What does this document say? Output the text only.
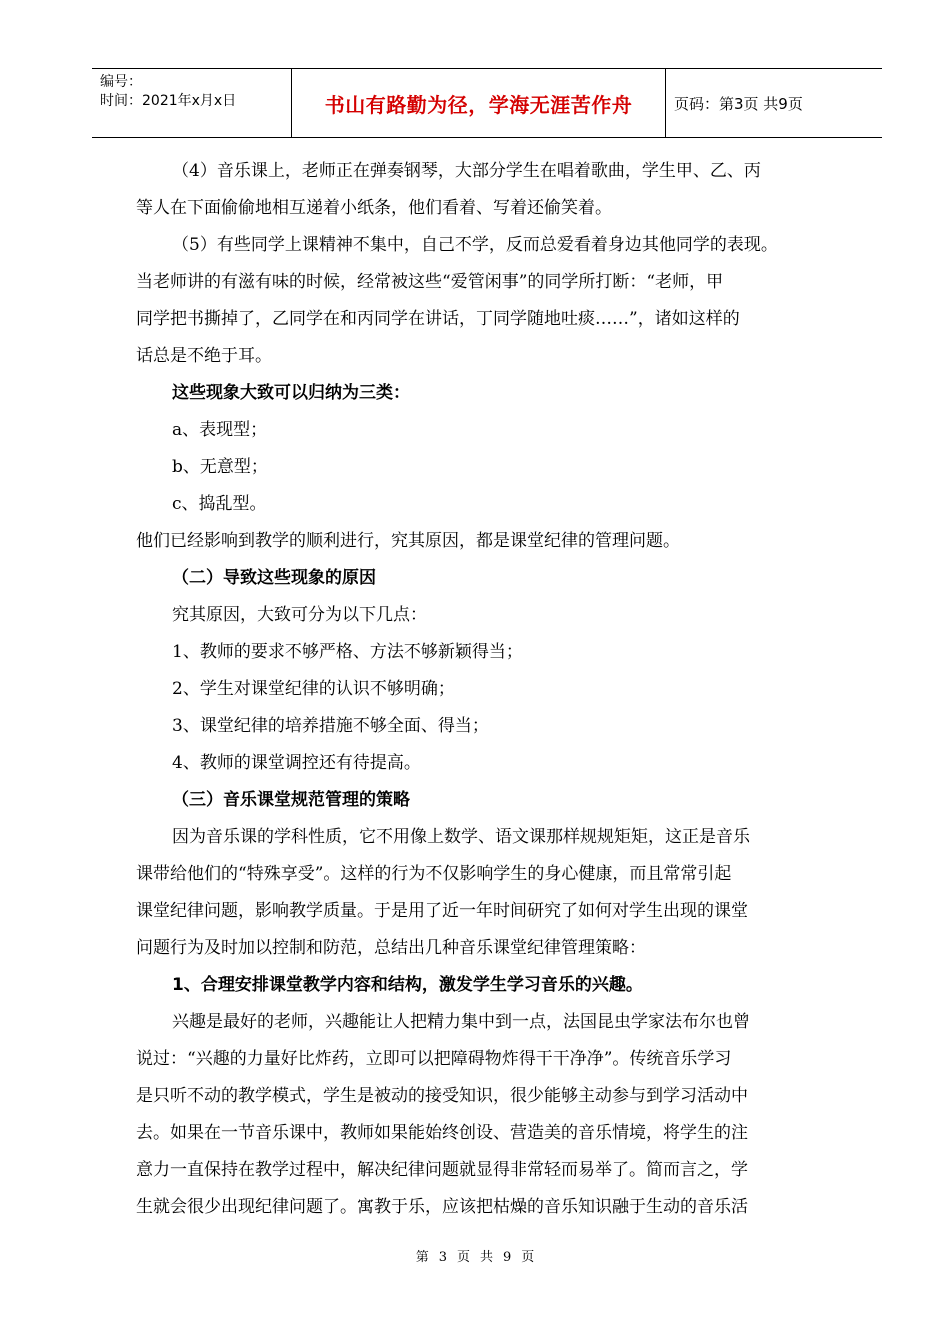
编号：
时间：2021年x月x日	书山有路勤为径，学海无涯苦作舟	页码：第3页 共9页

（4）音乐课上，老师正在弹奏钢琴，大部分学生在唱着歌曲，学生甲、乙、丙

等人在下面偷偷地相互递着小纸条，他们看着、写着还偷笑着。

（5）有些同学上课精神不集中，自己不学，反而总爱看着身边其他同学的表现。

当老师讲的有滋有味的时候，经常被这些“爱管闲事”的同学所打断：“老师，甲

同学把书撕掉了，乙同学在和丙同学在讲话，丁同学随地吐痰……”，诸如这样的

话总是不绝于耳。

这些现象大致可以归纳为三类：

a、表现型；

b、无意型；

c、捣乱型。

他们已经影响到教学的顺利进行，究其原因，都是课堂纪律的管理问题。

（二）导致这些现象的原因

究其原因，大致可分为以下几点：

1、教师的要求不够严格、方法不够新颖得当；

2、学生对课堂纪律的认识不够明确；

3、课堂纪律的培养措施不够全面、得当；

4、教师的课堂调控还有待提高。

（三）音乐课堂规范管理的策略

因为音乐课的学科性质，它不用像上数学、语文课那样规规矩矩，这正是音乐

课带给他们的“特殊享受”。这样的行为不仅影响学生的身心健康，而且常常引起

课堂纪律问题，影响教学质量。于是用了近一年时间研究了如何对学生出现的课堂

问题行为及时加以控制和防范，总结出几种音乐课堂纪律管理策略：

1、合理安排课堂教学内容和结构，激发学生学习音乐的兴趣。

兴趣是最好的老师，兴趣能让人把精力集中到一点，法国昆虫学家法布尔也曾

说过：“兴趣的力量好比炸药，立即可以把障碍物炸得干干净净”。传统音乐学习

是只听不动的教学模式，学生是被动的接受知识，很少能够主动参与到学习活动中

去。如果在一节音乐课中，教师如果能始终创设、营造美的音乐情境，将学生的注

意力一直保持在教学过程中，解决纪律问题就显得非常轻而易举了。简而言之，学

生就会很少出现纪律问题了。寓教于乐，应该把枯燥的音乐知识融于生动的音乐活

第 3 页 共 9 页
